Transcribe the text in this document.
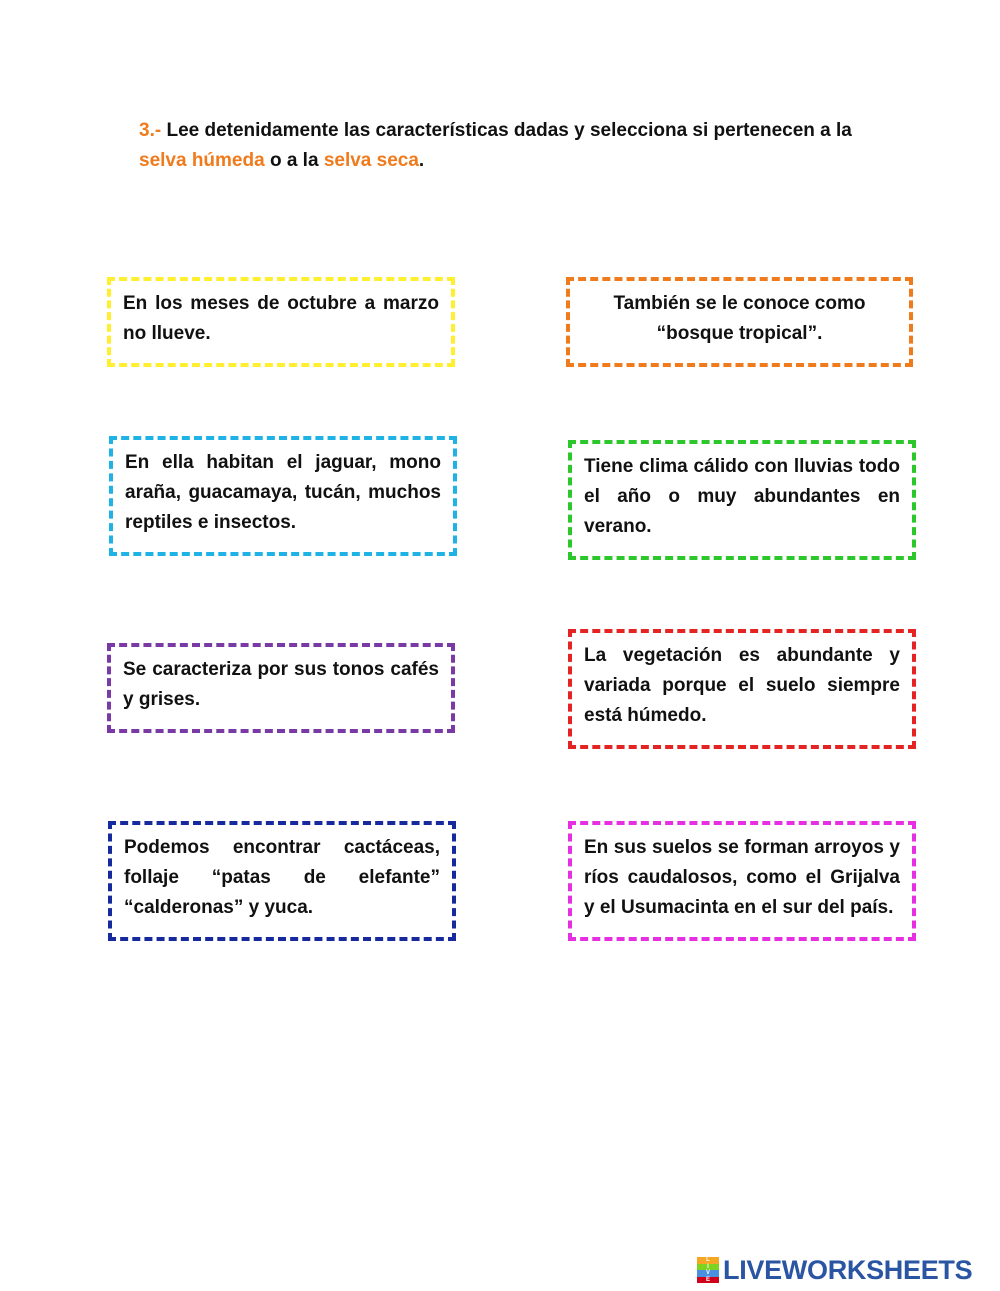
3.- Lee detenidamente las características dadas y selecciona si pertenecen a la selva húmeda o a la selva seca.

En los meses de octubre a marzo no llueve.

También se le conoce como “bosque tropical”.

En ella habitan el jaguar, mono araña, guacamaya, tucán, muchos reptiles e insectos.

Tiene clima cálido con lluvias todo el año o muy abundantes en verano.

Se caracteriza por sus tonos cafés y grises.

La vegetación es abundante y variada porque el suelo siempre está húmedo.

Podemos encontrar cactáceas, follaje “patas de elefante” “calderonas” y yuca.

En sus suelos se forman arroyos y ríos caudalosos, como el Grijalva y el Usumacinta en el sur del país.

L
I
V
E LIVEWORKSHEETS
